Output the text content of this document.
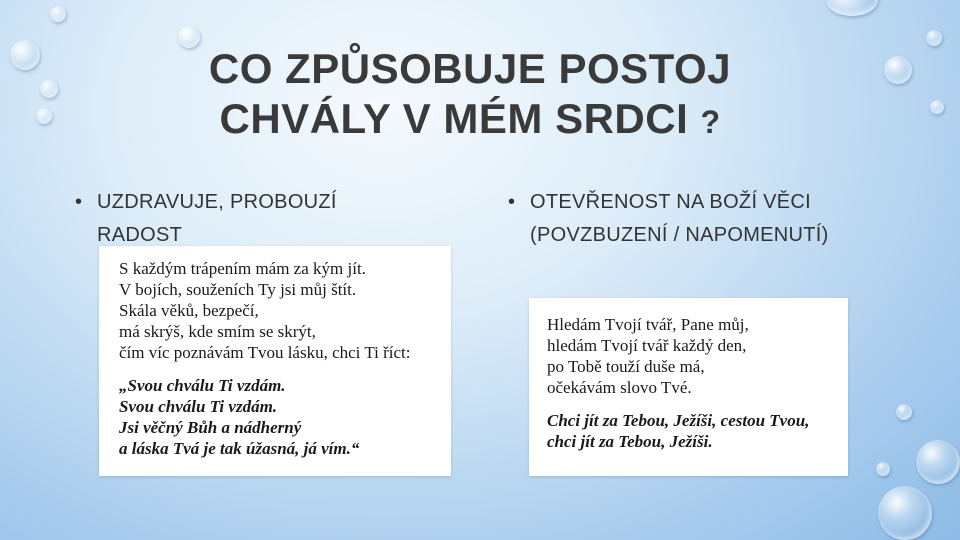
CO ZPŮSOBUJE POSTOJ
CHVÁLY V MÉM SRDCI ?
• UZDRAVUJE, PROBOUZÍ RADOST
• OTEVŘENOST NA BOŽÍ VĚCI (POVZBUZENÍ / NAPOMENUTÍ)
S každým trápením mám za kým jít.
V bojích, souženích Ty jsi můj štít.
Skála věků, bezpečí,
má skrýš, kde smím se skrýt,
čím víc poznávám Tvou lásku, chci Ti říct:
„Svou chválu Ti vzdám.
Svou chválu Ti vzdám.
Jsi věčný Bůh a nádherný
a láska Tvá je tak úžasná, já vím.“
Hledám Tvojí tvář, Pane můj,
hledám Tvojí tvář každý den,
po Tobě touží duše má,
očekávám slovo Tvé.
Chci jít za Tebou, Ježíši, cestou Tvou,
chci jít za Tebou, Ježíši.
